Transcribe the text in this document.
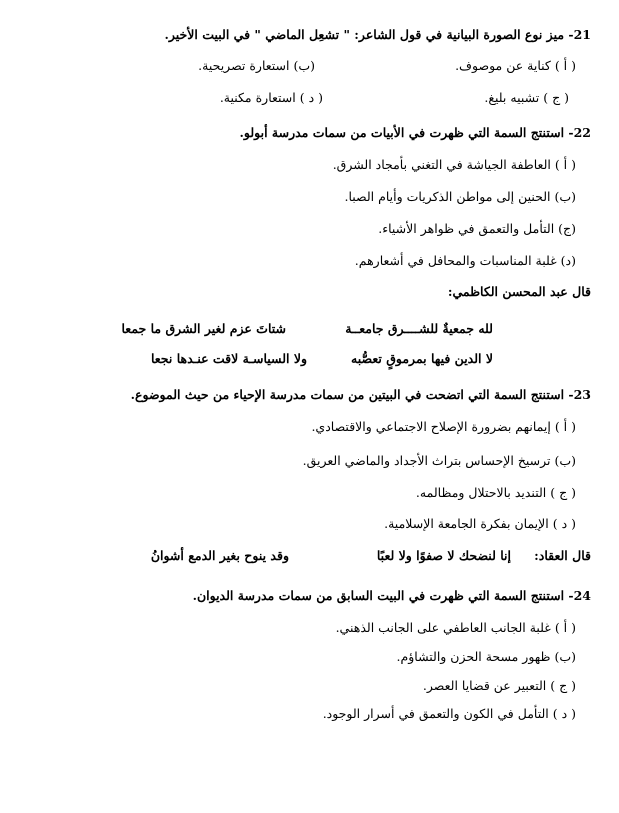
21- ميز نوع الصورة البيانية في قول الشاعر: " تشعِل الماضي " في البيت الأخير.
( أ ) كناية عن موصوف.
(ب) استعارة تصريحية.
( ج ) تشبيه بليغ.
( د ) استعارة مكنية.
22- استنتج السمة التي ظهرت في الأبيات من سمات مدرسة أبولو.
( أ ) العاطفة الجياشة في التغني بأمجاد الشرق.
(ب) الحنين إلى مواطن الذكريات وأيام الصبا.
(ج) التأمل والتعمق في ظواهر الأشياء.
(د) غلبة المناسبات والمحافل في أشعارهم.
قال عبد المحسن الكاظمي:
لله جمعيةٌ للشــــرق جامعــة
شتاتَ عزم لغير الشرق ما جمعا
لا الدين فيها بمرموقٍ تعصُّبه
ولا السياسـة لاقت عنـدها نجعا
23- استنتج السمة التي اتضحت في البيتين من سمات مدرسة الإحياء من حيث الموضوع.
( أ ) إيمانهم بضرورة الإصلاح الاجتماعي والاقتصادي.
(ب) ترسيخ الإحساس بتراث الأجداد والماضي العريق.
( ج ) التنديد بالاحتلال ومظالمه.
( د ) الإيمان بفكرة الجامعة الإسلامية.
قال العقاد:
إنا لنضحك لا صفوًا ولا لعبًا
وقد ينوح بغير الدمع أشوانُ
24- استنتج السمة التي ظهرت في البيت السابق من سمات مدرسة الديوان.
( أ ) غلبة الجانب العاطفي على الجانب الذهني.
(ب) ظهور مسحة الحزن والتشاؤم.
( ج ) التعبير عن قضايا العصر.
( د ) التأمل في الكون والتعمق في أسرار الوجود.
